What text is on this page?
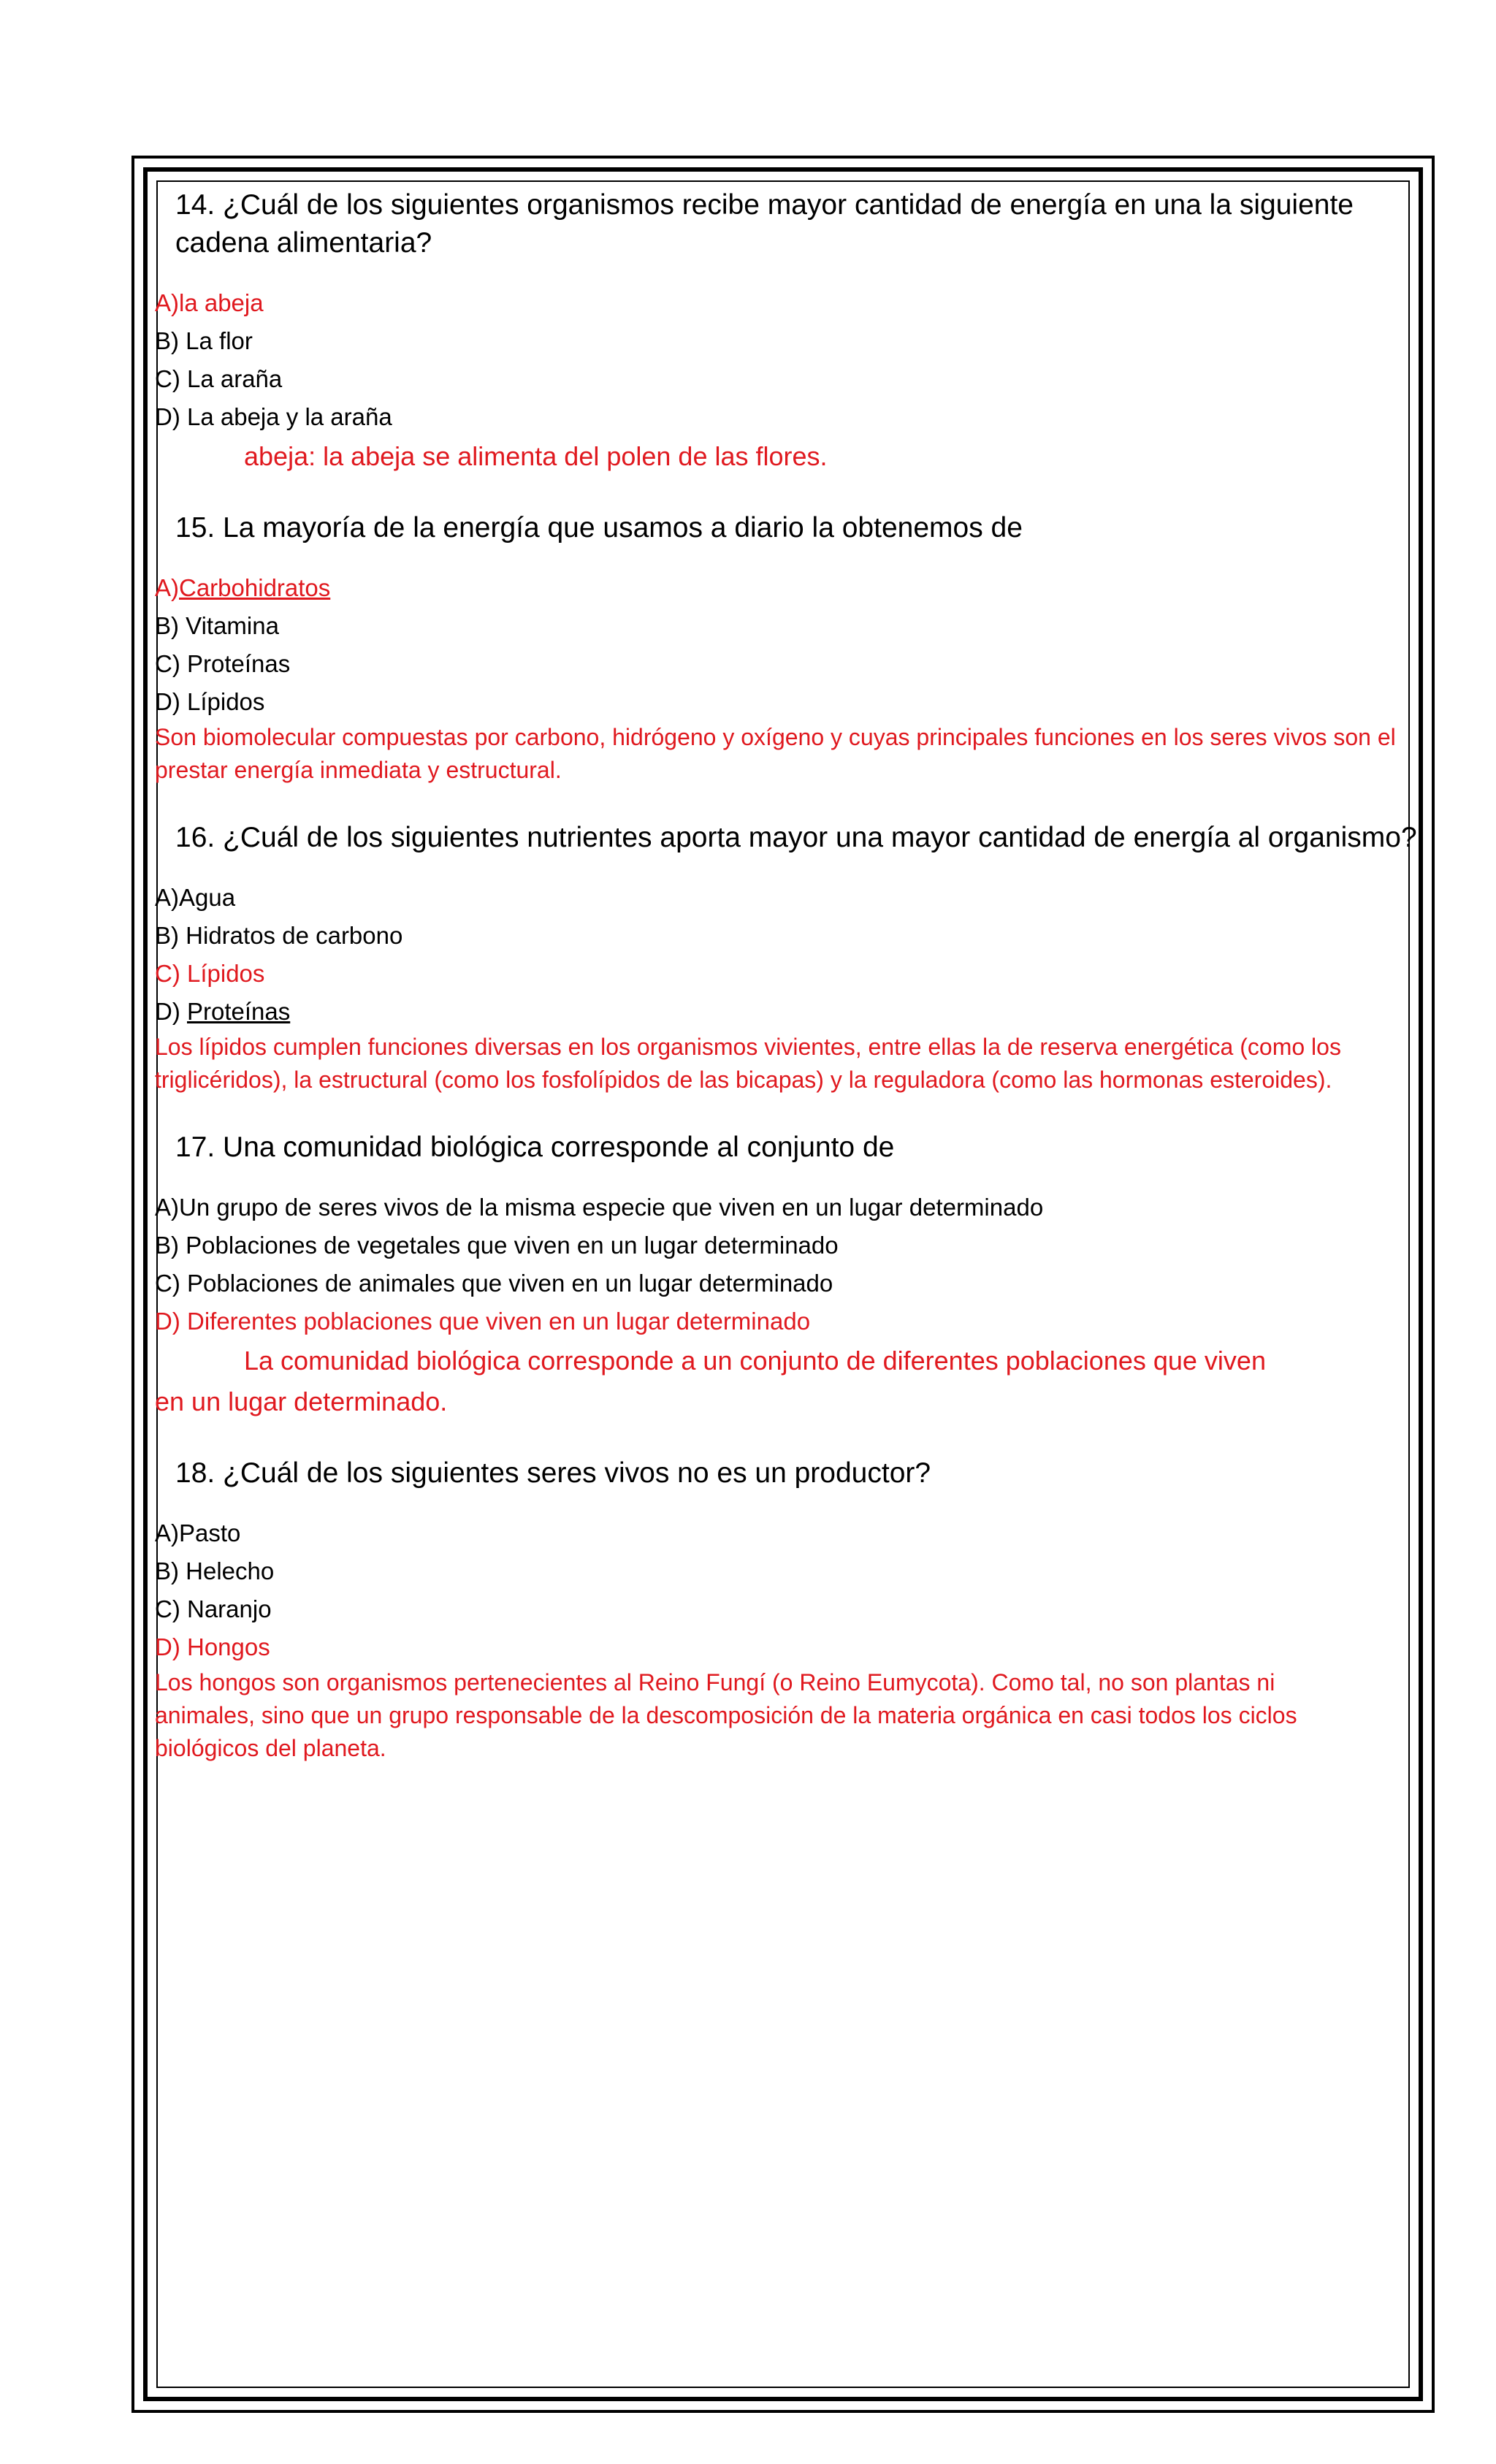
14. ¿Cuál de los siguientes organismos recibe mayor cantidad de energía en una la siguiente cadena alimentaria?
A)la abeja
B) La flor
C) La araña
D) La abeja y la araña
abeja: la abeja se alimenta del polen de las flores.
15. La mayoría de la energía que usamos a diario la obtenemos de
A)Carbohidratos
B) Vitamina
C) Proteínas
D) Lípidos
Son biomolecular compuestas por carbono, hidrógeno y oxígeno y cuyas principales funciones en los seres vivos son el prestar energía inmediata y estructural.
16. ¿Cuál de los siguientes nutrientes aporta mayor una mayor cantidad de energía al organismo?
A)Agua
B) Hidratos de carbono
C) Lípidos
D) Proteínas
Los lípidos cumplen funciones diversas en los organismos vivientes, entre ellas la de reserva energética (como los triglicéridos), la estructural (como los fosfolípidos de las bicapas) y la reguladora (como las hormonas esteroides).
17. Una comunidad biológica corresponde al conjunto de
A)Un grupo de seres vivos de la misma especie que viven en un lugar determinado
B) Poblaciones de vegetales que viven en un lugar determinado
C) Poblaciones de animales que viven en un lugar determinado
D) Diferentes poblaciones que viven en un lugar determinado
La comunidad biológica corresponde a un conjunto de diferentes poblaciones que viven en un lugar determinado.
18. ¿Cuál de los siguientes seres vivos no es un productor?
A)Pasto
B) Helecho
C) Naranjo
D) Hongos
Los hongos son organismos pertenecientes al Reino Fungí (o Reino Eumycota). Como tal, no son plantas ni animales, sino que un grupo responsable de la descomposición de la materia orgánica en casi todos los ciclos biológicos del planeta.
